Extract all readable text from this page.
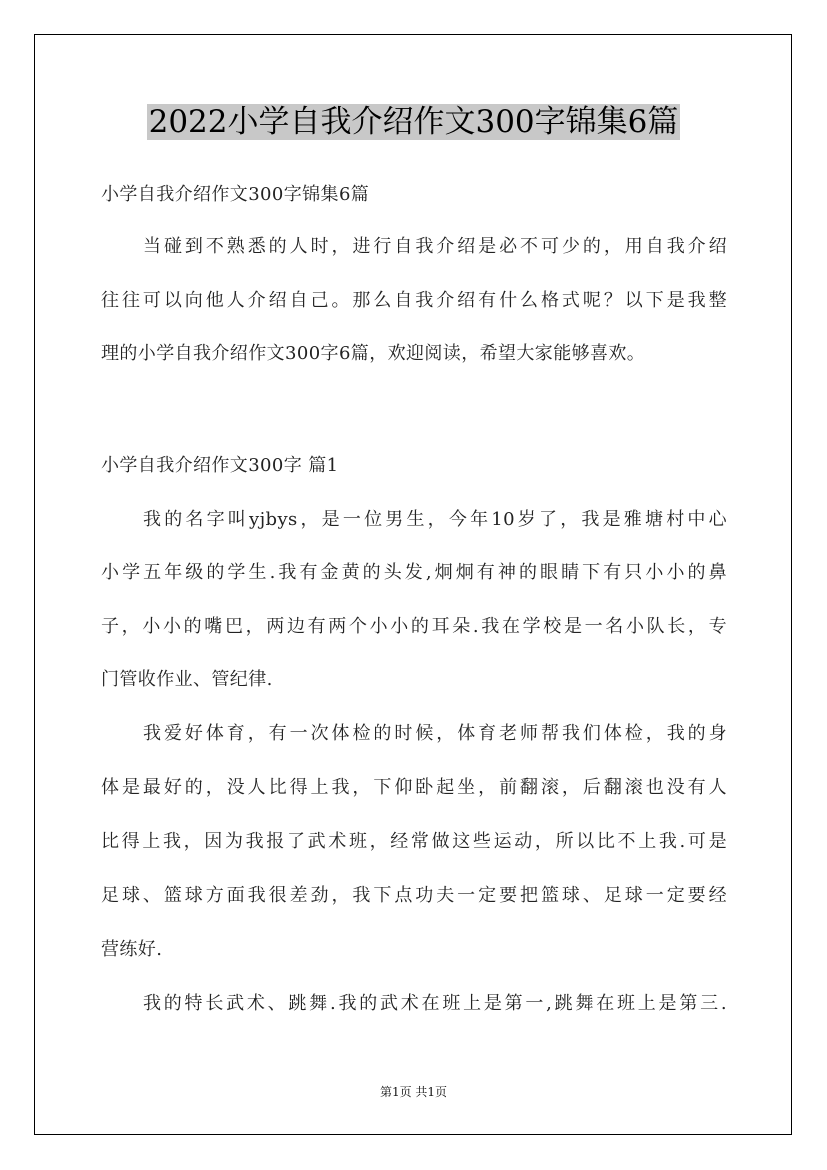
2022小学自我介绍作文300字锦集6篇
小学自我介绍作文300字锦集6篇
当碰到不熟悉的人时，进行自我介绍是必不可少的，用自我介绍
往往可以向他人介绍自己。那么自我介绍有什么格式呢？以下是我整
理的小学自我介绍作文300字6篇，欢迎阅读，希望大家能够喜欢。
小学自我介绍作文300字 篇1
我的名字叫yjbys，是一位男生，今年10岁了，我是雅塘村中心
小学五年级的学生.我有金黄的头发,炯炯有神的眼睛下有只小小的鼻
子，小小的嘴巴，两边有两个小小的耳朵.我在学校是一名小队长，专
门管收作业、管纪律.
我爱好体育，有一次体检的时候，体育老师帮我们体检，我的身
体是最好的，没人比得上我，下仰卧起坐，前翻滚，后翻滚也没有人
比得上我，因为我报了武术班，经常做这些运动，所以比不上我.可是
足球、篮球方面我很差劲，我下点功夫一定要把篮球、足球一定要经
营练好.
我的特长武术、跳舞.我的武术在班上是第一,跳舞在班上是第三.
第1页 共1页
